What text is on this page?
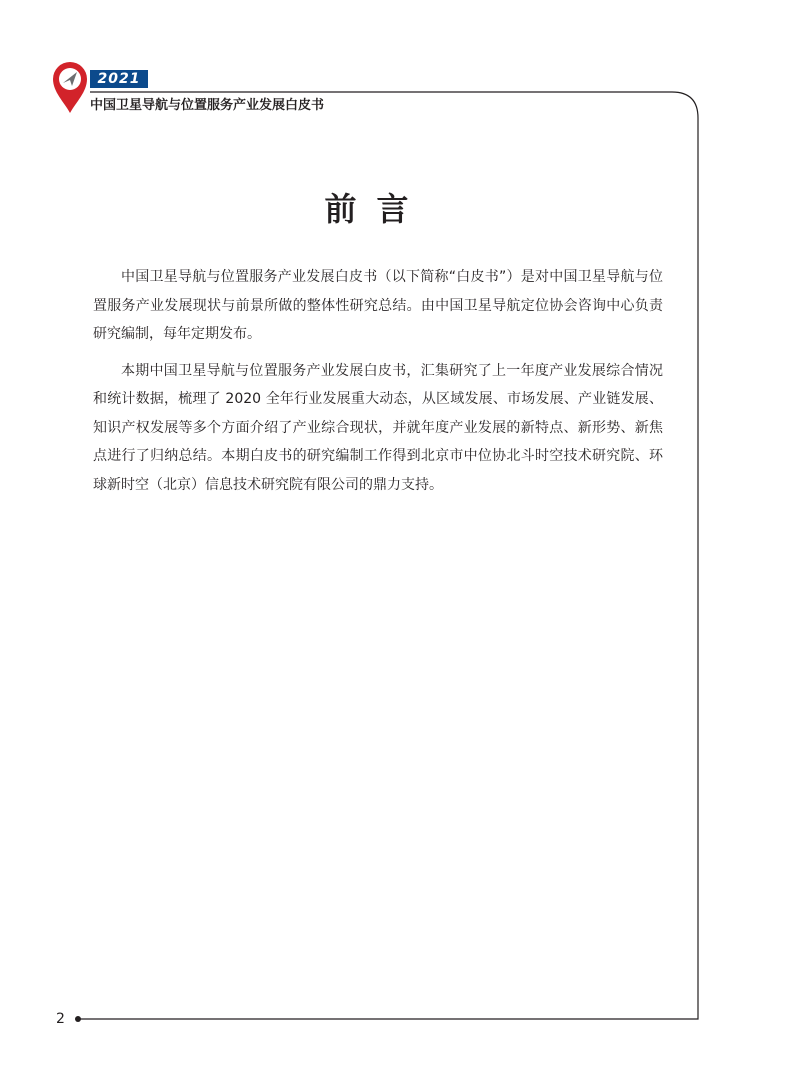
2021
中国卫星导航与位置服务产业发展白皮书
前言

中国卫星导航与位置服务产业发展白皮书（以下简称“白皮书”）是对中国卫星导航与位置服务产业发展现状与前景所做的整体性研究总结。由中国卫星导航定位协会咨询中心负责研究编制，每年定期发布。

本期中国卫星导航与位置服务产业发展白皮书，汇集研究了上一年度产业发展综合情况和统计数据，梳理了 2020 全年行业发展重大动态，从区域发展、市场发展、产业链发展、知识产权发展等多个方面介绍了产业综合现状，并就年度产业发展的新特点、新形势、新焦点进行了归纳总结。本期白皮书的研究编制工作得到北京市中位协北斗时空技术研究院、环球新时空（北京）信息技术研究院有限公司的鼎力支持。

2
